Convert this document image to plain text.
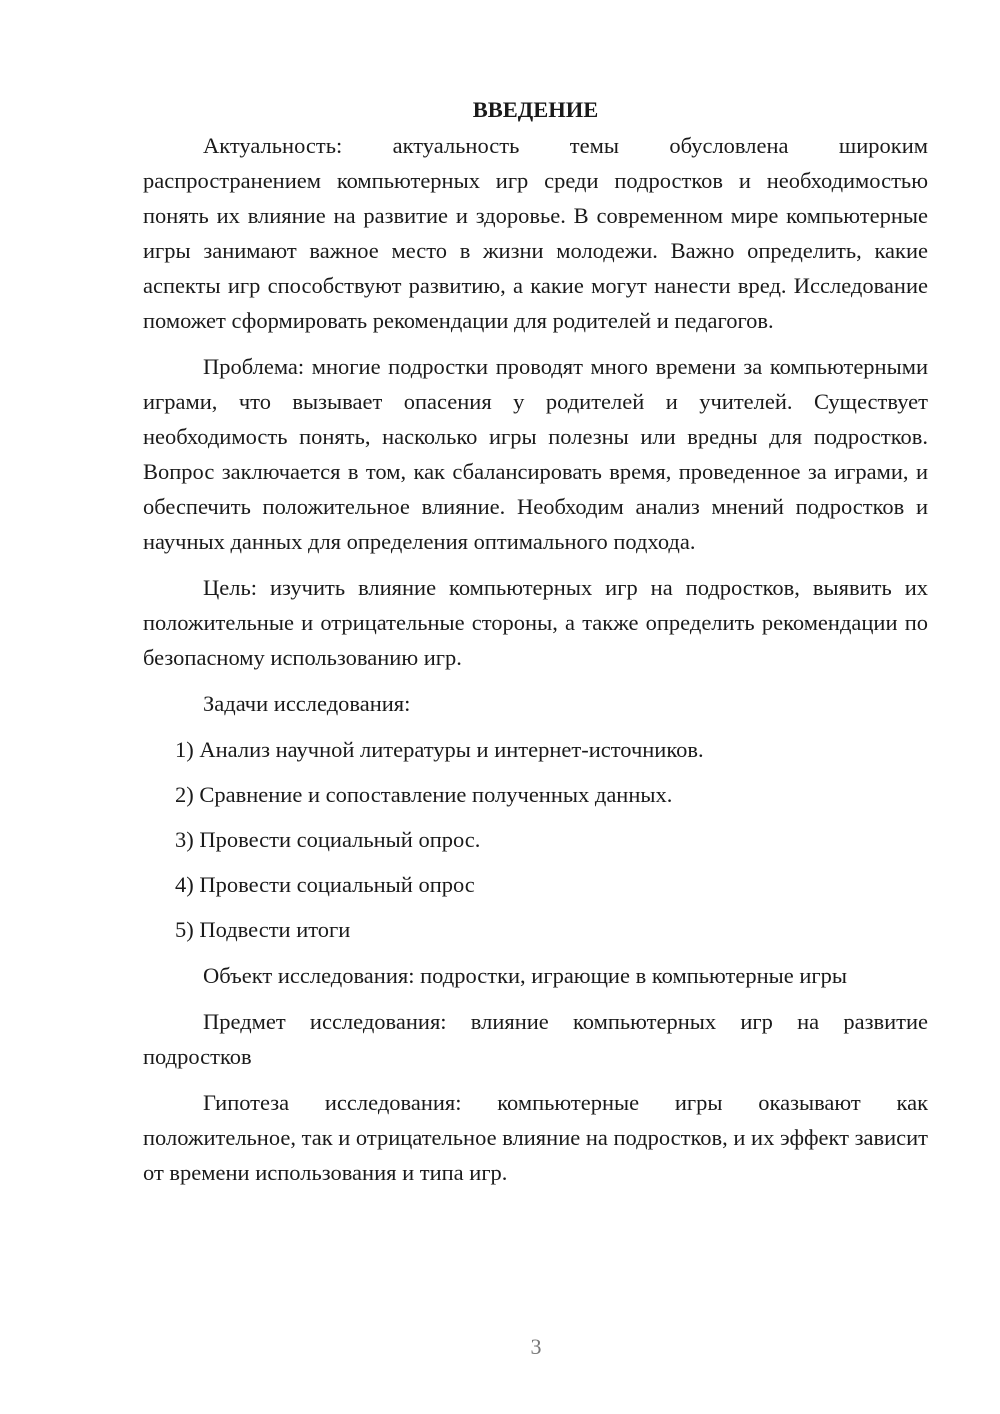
ВВЕДЕНИЕ

Актуальность: актуальность темы обусловлена широким распространением компьютерных игр среди подростков и необходимостью понять их влияние на развитие и здоровье. В современном мире компьютерные игры занимают важное место в жизни молодежи. Важно определить, какие аспекты игр способствуют развитию, а какие могут нанести вред. Исследование поможет сформировать рекомендации для родителей и педагогов.

Проблема: многие подростки проводят много времени за компьютерными играми, что вызывает опасения у родителей и учителей. Существует необходимость понять, насколько игры полезны или вредны для подростков. Вопрос заключается в том, как сбалансировать время, проведенное за играми, и обеспечить положительное влияние. Необходим анализ мнений подростков и научных данных для определения оптимального подхода.

Цель: изучить влияние компьютерных игр на подростков, выявить их положительные и отрицательные стороны, а также определить рекомендации по безопасному использованию игр.

Задачи исследования:

1) Анализ научной литературы и интернет-источников.
2) Сравнение и сопоставление полученных данных.
3) Провести социальный опрос.
4) Провести социальный опрос
5) Подвести итоги

Объект исследования: подростки, играющие в компьютерные игры

Предмет исследования: влияние компьютерных игр на развитие подростков

Гипотеза исследования: компьютерные игры оказывают как положительное, так и отрицательное влияние на подростков, и их эффект зависит от времени использования и типа игр.

3
